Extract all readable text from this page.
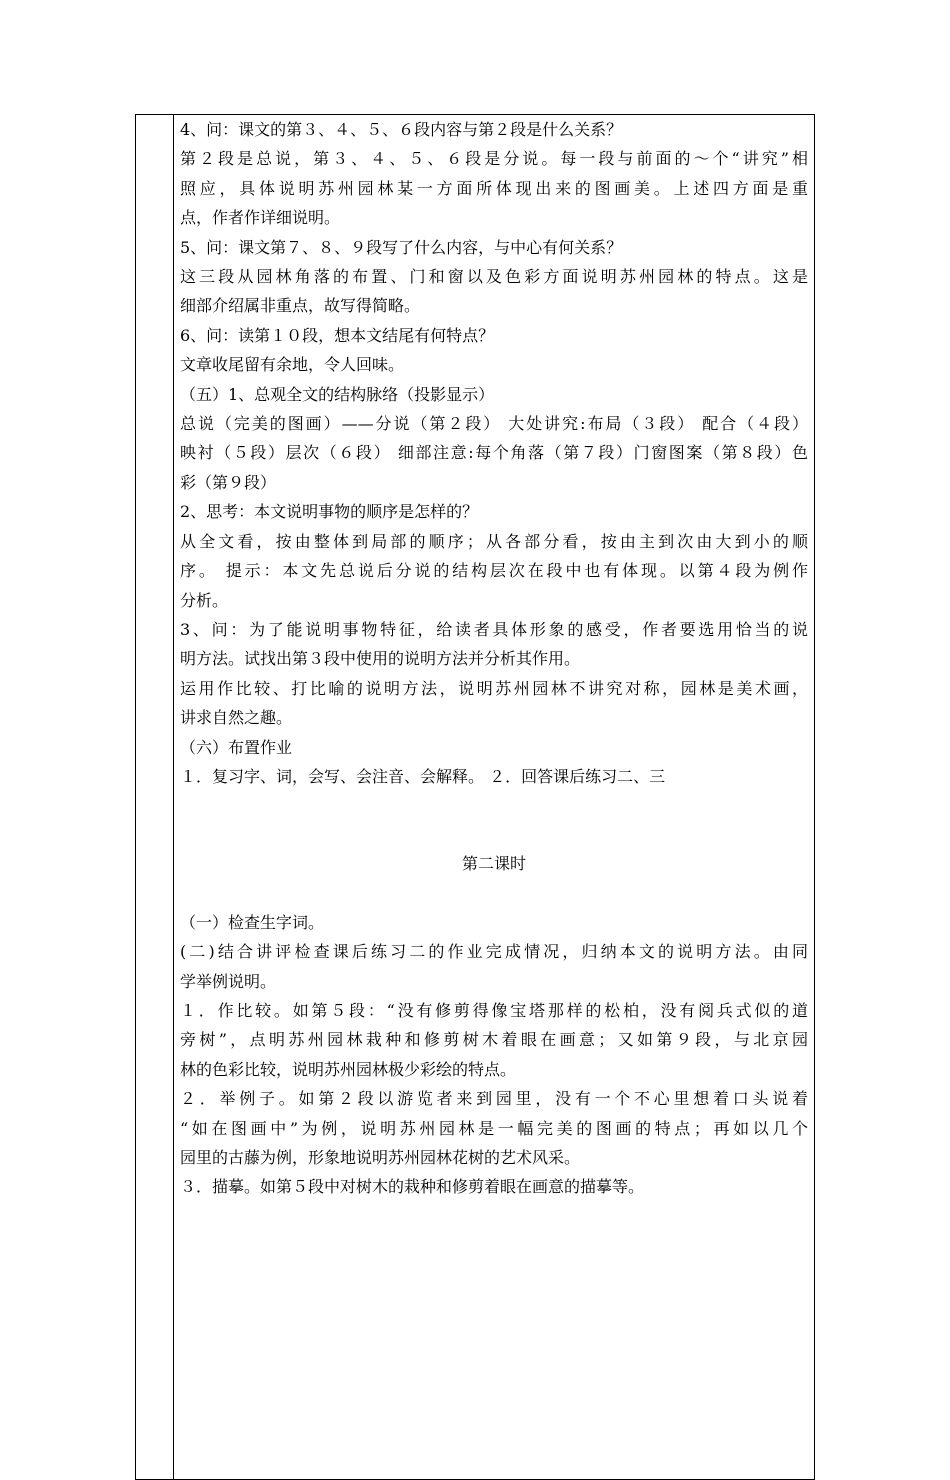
4、问：课文的第３、４、５、６段内容与第２段是什么关系？
第２段是总说，第３、４、５、６段是分说。每一段与前面的～个“讲究”相
照应，具体说明苏州园林某一方面所体现出来的图画美。上述四方面是重
点，作者作详细说明。
5、问：课文第７、８、９段写了什么内容，与中心有何关系？
这三段从园林角落的布置、门和窗以及色彩方面说明苏州园林的特点。这是
细部介绍属非重点，故写得简略。
6、问：读第１０段，想本文结尾有何特点？
文章收尾留有余地，令人回味。
（五）1、总观全文的结构脉络（投影显示）
总说（完美的图画）——分说（第２段） 大处讲究:布局（３段） 配合（４段）
映衬（５段）层次（６段） 细部注意:每个角落（第７段）门窗图案（第８段）色
彩（第９段）
2、思考：本文说明事物的顺序是怎样的？
从全文看，按由整体到局部的顺序；从各部分看，按由主到次由大到小的顺
序。 提示：本文先总说后分说的结构层次在段中也有体现。以第４段为例作
分析。
3、问：为了能说明事物特征，给读者具体形象的感受，作者要选用恰当的说
明方法。试找出第３段中使用的说明方法并分析其作用。
运用作比较、打比喻的说明方法，说明苏州园林不讲究对称，园林是美术画，
讲求自然之趣。
（六）布置作业
１．复习字、词，会写、会注音、会解释。 ２．回答课后练习二、三
第二课时
（一）检查生字词。
(二)结合讲评检查课后练习二的作业完成情况，归纳本文的说明方法。由同
学举例说明。
１．作比较。如第５段：“没有修剪得像宝塔那样的松柏，没有阅兵式似的道
旁树”，点明苏州园林栽种和修剪树木着眼在画意；又如第９段，与北京园
林的色彩比较，说明苏州园林极少彩绘的特点。
２．举例子。如第２段以游览者来到园里，没有一个不心里想着口头说着
“如在图画中”为例，说明苏州园林是一幅完美的图画的特点；再如以几个
园里的古藤为例，形象地说明苏州园林花树的艺术风采。
３．描摹。如第５段中对树木的栽种和修剪着眼在画意的描摹等。
